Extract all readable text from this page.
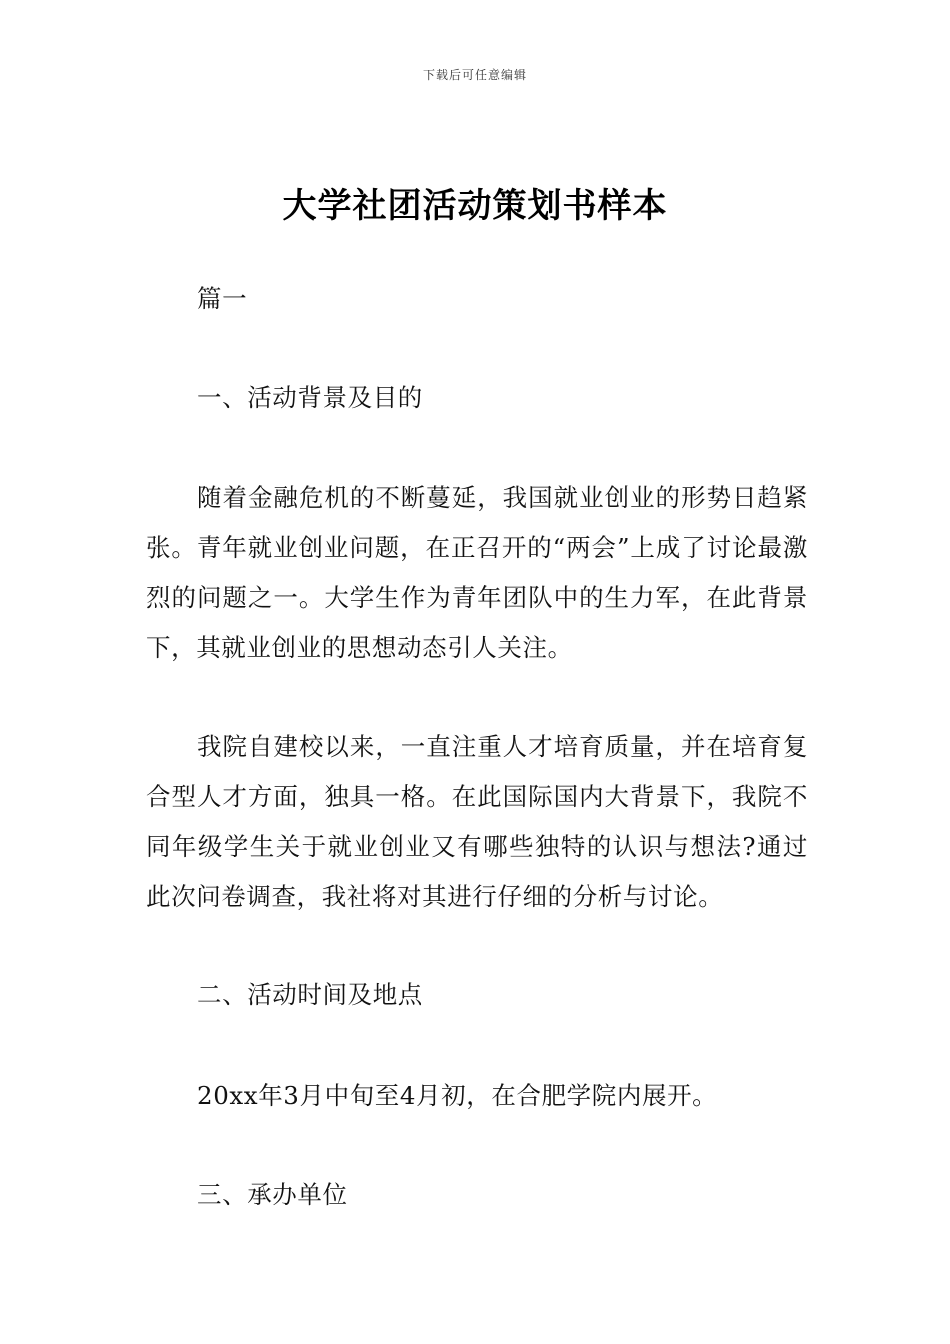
下载后可任意编辑
大学社团活动策划书样本
篇一
一、活动背景及目的
随着金融危机的不断蔓延，我国就业创业的形势日趋紧张。青年就业创业问题，在正召开的“两会”上成了讨论最激烈的问题之一。大学生作为青年团队中的生力军，在此背景下，其就业创业的思想动态引人关注。
我院自建校以来，一直注重人才培育质量，并在培育复合型人才方面，独具一格。在此国际国内大背景下，我院不同年级学生关于就业创业又有哪些独特的认识与想法?通过此次问卷调查，我社将对其进行仔细的分析与讨论。
二、活动时间及地点
20xx年3月中旬至4月初，在合肥学院内展开。
三、承办单位
